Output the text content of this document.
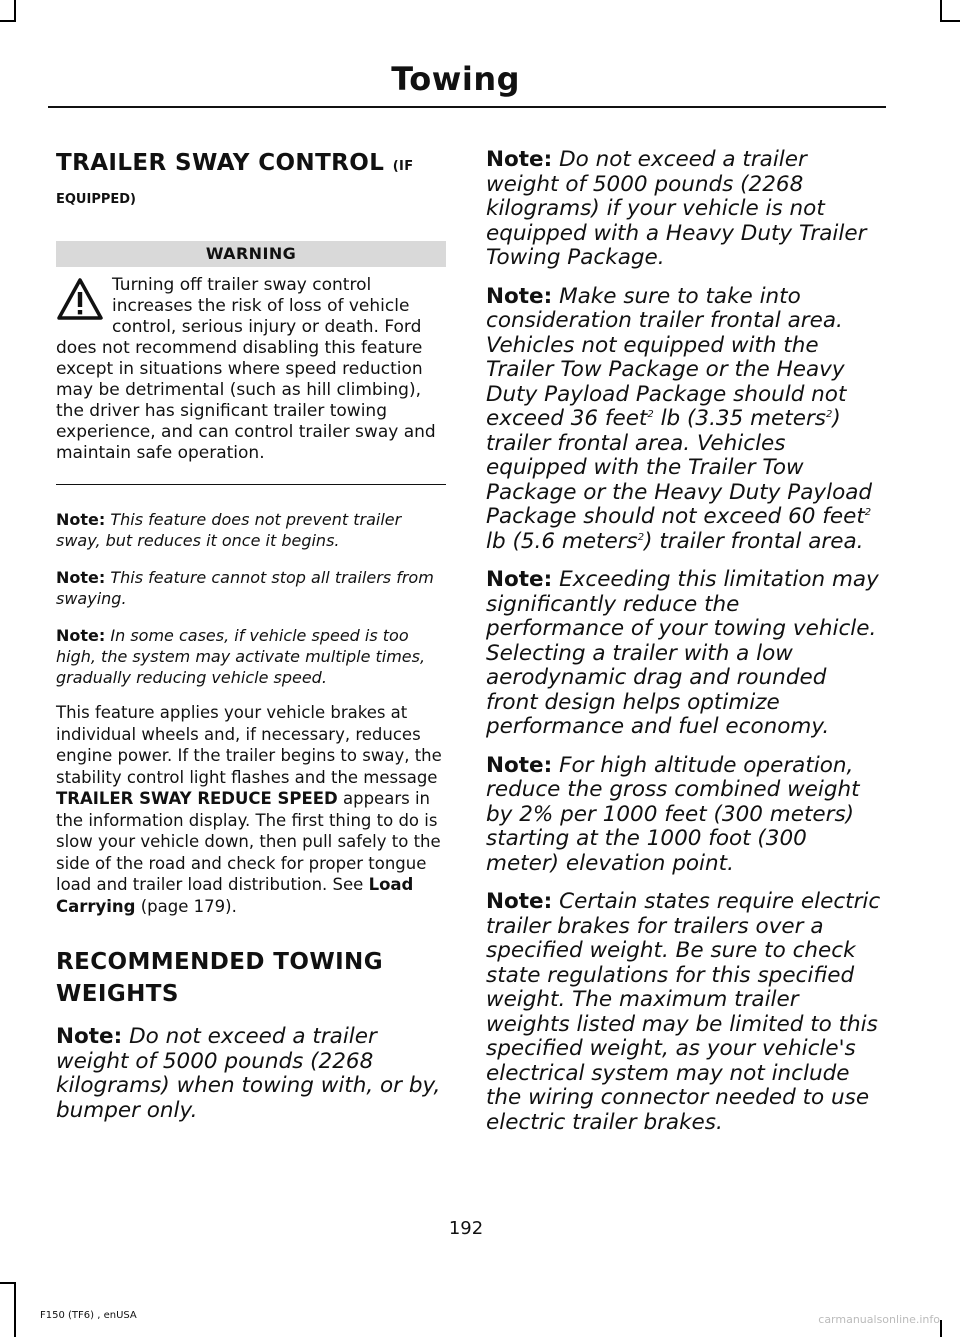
Towing
TRAILER SWAY CONTROL (IF
EQUIPPED)
WARNING
Turning off trailer sway control increases the risk of loss of vehicle control, serious injury or death. Ford does not recommend disabling this feature except in situations where speed reduction may be detrimental (such as hill climbing), the driver has significant trailer towing experience, and can control trailer sway and maintain safe operation.

Note: This feature does not prevent trailer sway, but reduces it once it begins.

Note: This feature cannot stop all trailers from swaying.

Note: In some cases, if vehicle speed is too high, the system may activate multiple times, gradually reducing vehicle speed.

This feature applies your vehicle brakes at individual wheels and, if necessary, reduces engine power. If the trailer begins to sway, the stability control light flashes and the message TRAILER SWAY REDUCE SPEED appears in the information display. The first thing to do is slow your vehicle down, then pull safely to the side of the road and check for proper tongue load and trailer load distribution. See Load Carrying (page 179).

RECOMMENDED TOWING
WEIGHTS

Note: Do not exceed a trailer weight of 5000 pounds (2268 kilograms) when towing with, or by, bumper only.

Note: Do not exceed a trailer weight of 5000 pounds (2268 kilograms) if your vehicle is not equipped with a Heavy Duty Trailer Towing Package.

Note: Make sure to take into consideration trailer frontal area. Vehicles not equipped with the Trailer Tow Package or the Heavy Duty Payload Package should not exceed 36 feet$^2$ lb (3.35 meters$^2$) trailer frontal area. Vehicles equipped with the Trailer Tow Package or the Heavy Duty Payload Package should not exceed 60 feet$^2$ lb (5.6 meters$^2$) trailer frontal area.

Note: Exceeding this limitation may significantly reduce the performance of your towing vehicle. Selecting a trailer with a low aerodynamic drag and rounded front design helps optimize performance and fuel economy.

Note: For high altitude operation, reduce the gross combined weight by 2% per 1000 feet (300 meters) starting at the 1000 foot (300 meter) elevation point.

Note: Certain states require electric trailer brakes for trailers over a specified weight. Be sure to check state regulations for this specified weight. The maximum trailer weights listed may be limited to this specified weight, as your vehicle's electrical system may not include the wiring connector needed to use electric trailer brakes.

192
F150 (TF6) , enUSA	carmanualsonline.info
